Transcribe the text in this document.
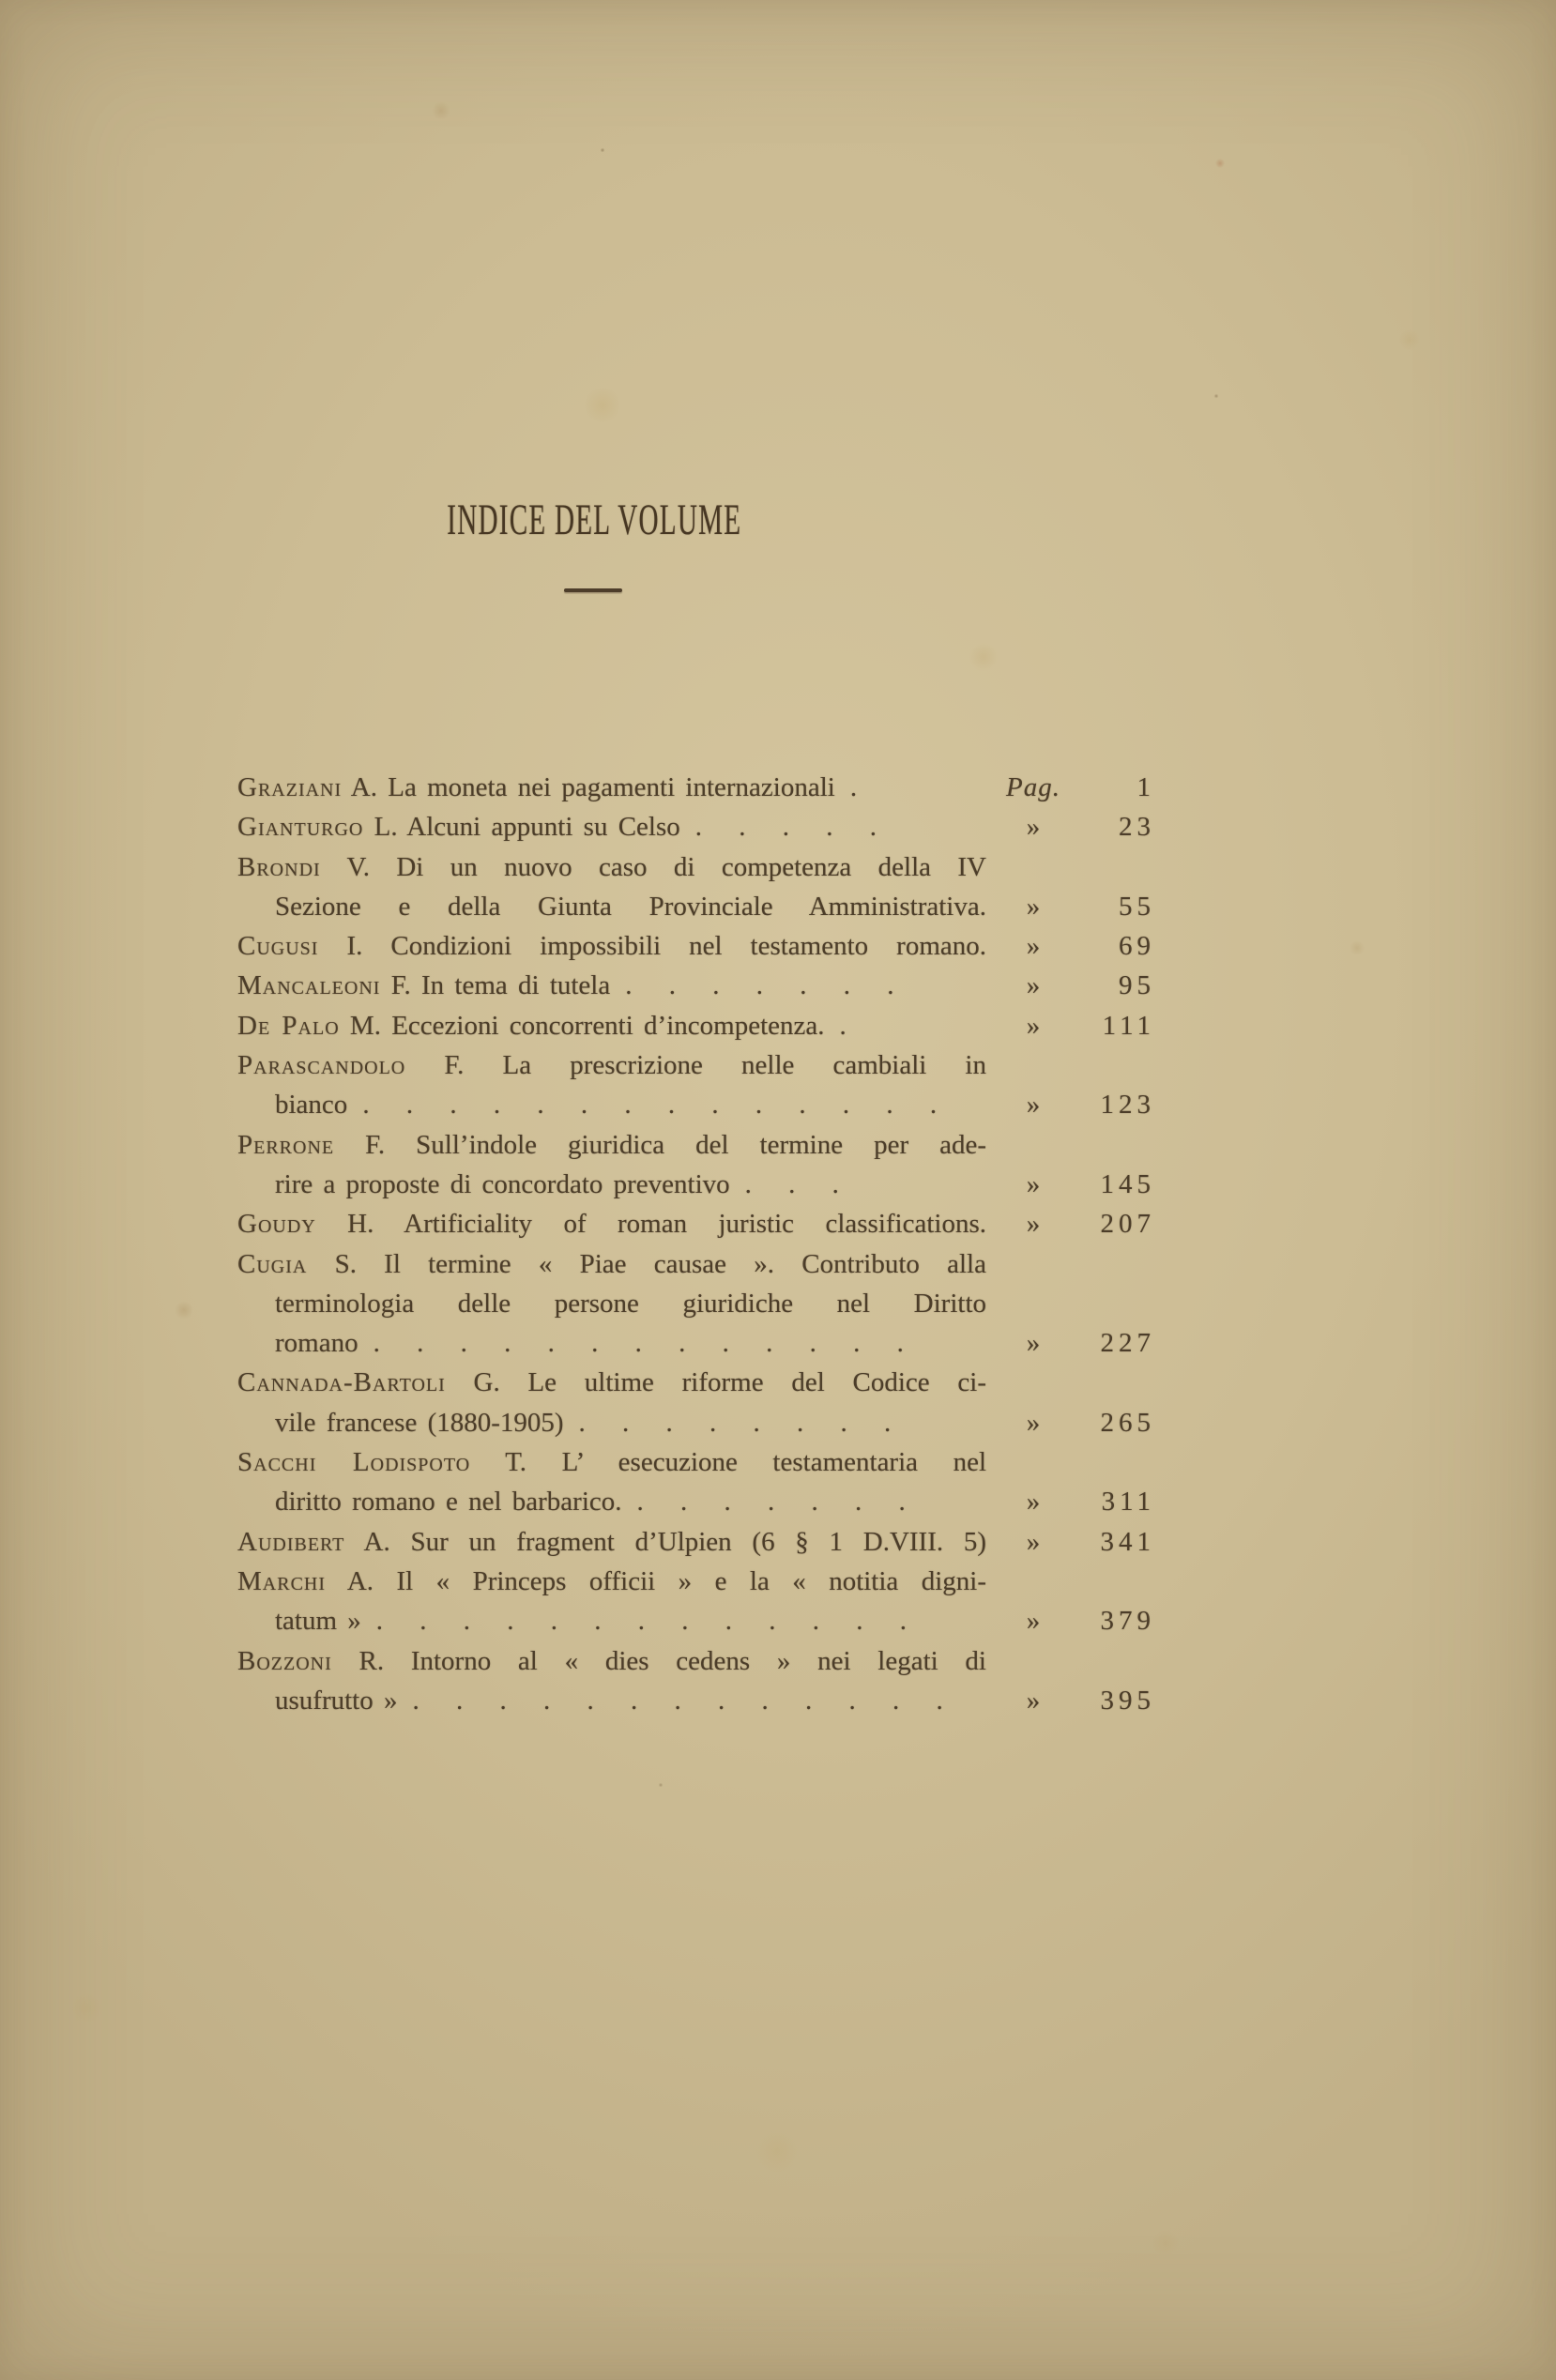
INDICE DEL VOLUME
Graziani A. La moneta nei pagamenti internazionali .	Pag.	1
Gianturgo L. Alcuni appunti su Celso . . . . .	»	23
Brondi V. Di un nuovo caso di competenza della IV
Sezione e della Giunta Provinciale Amministrativa.	»	55
Cugusi I. Condizioni impossibili nel testamento romano.	»	69
Mancaleoni F. In tema di tutela . . . . . . .	»	95
De Palo M. Eccezioni concorrenti d’incompetenza. .	»	111
Parascandolo F. La prescrizione nelle cambiali in
bianco . . . . . . . . . . . . . .	»	123
Perrone F. Sull’indole giuridica del termine per ade-
rire a proposte di concordato preventivo . . .	»	145
Goudy H. Artificiality of roman juristic classifications.	»	207
Cugia S. Il termine « Piae causae ». Contributo alla
terminologia delle persone giuridiche nel Diritto
romano . . . . . . . . . . . . .	»	227
Cannada-Bartoli G. Le ultime riforme del Codice ci-
vile francese (1880-1905) . . . . . . . .	»	265
Sacchi Lodispoto T. L’ esecuzione testamentaria nel
diritto romano e nel barbarico. . . . . . . .	»	311
Audibert A. Sur un fragment d’Ulpien (6 § 1 D.VIII. 5)	»	341
Marchi A. Il « Princeps officii » e la « notitia digni-
tatum » . . . . . . . . . . . . .	»	379
Bozzoni R. Intorno al « dies cedens » nei legati di
usufrutto » . . . . . . . . . . . . .	»	395
